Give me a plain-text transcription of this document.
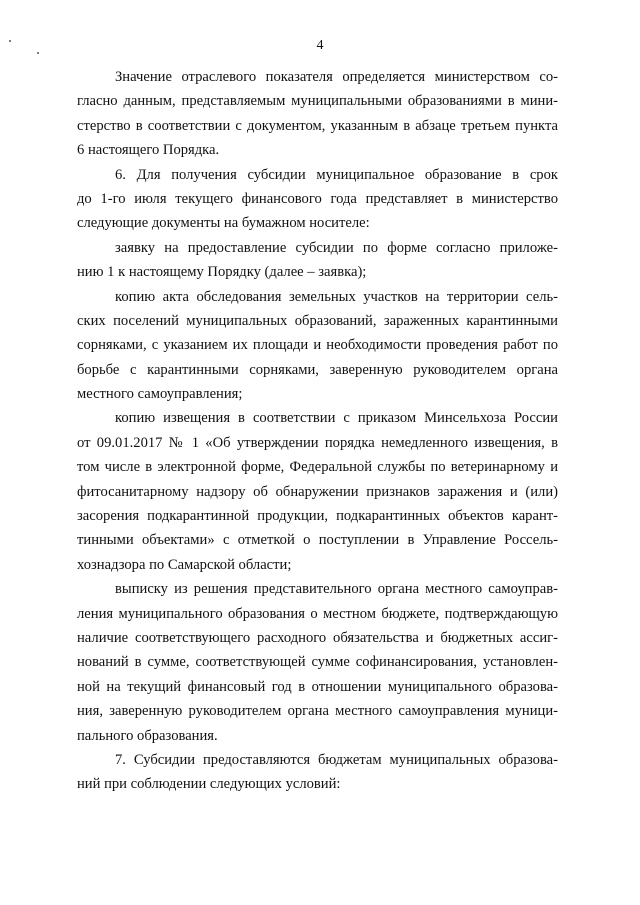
4
Значение отраслевого показателя определяется министерством со-
гласно данным, представляемым муниципальными образованиями в мини-
стерство в соответствии с документом, указанным в абзаце третьем пункта
6 настоящего Порядка.
6. Для получения субсидии муниципальное образование в срок
до 1-го июля текущего финансового года представляет в министерство
следующие документы на бумажном носителе:
заявку на предоставление субсидии по форме согласно приложе-
нию 1 к настоящему Порядку (далее – заявка);
копию акта обследования земельных участков на территории сель-
ских поселений муниципальных образований, зараженных карантинными
сорняками, с указанием их площади и необходимости проведения работ по
борьбе с карантинными сорняками, заверенную руководителем органа
местного самоуправления;
копию извещения в соответствии с приказом Минсельхоза России
от 09.01.2017 № 1 «Об утверждении порядка немедленного извещения, в
том числе в электронной форме, Федеральной службы по ветеринарному и
фитосанитарному надзору об обнаружении признаков заражения и (или)
засорения подкарантинной продукции, подкарантинных объектов карант-
тинными объектами» с отметкой о поступлении в Управление Россель-
хознадзора по Самарской области;
выписку из решения представительного органа местного самоуправ-
ления муниципального образования о местном бюджете, подтверждающую
наличие соответствующего расходного обязательства и бюджетных ассиг-
нований в сумме, соответствующей сумме софинансирования, установлен-
ной на текущий финансовый год в отношении муниципального образова-
ния, заверенную руководителем органа местного самоуправления муници-
пального образования.
7. Субсидии предоставляются бюджетам муниципальных образова-
ний при соблюдении следующих условий:
